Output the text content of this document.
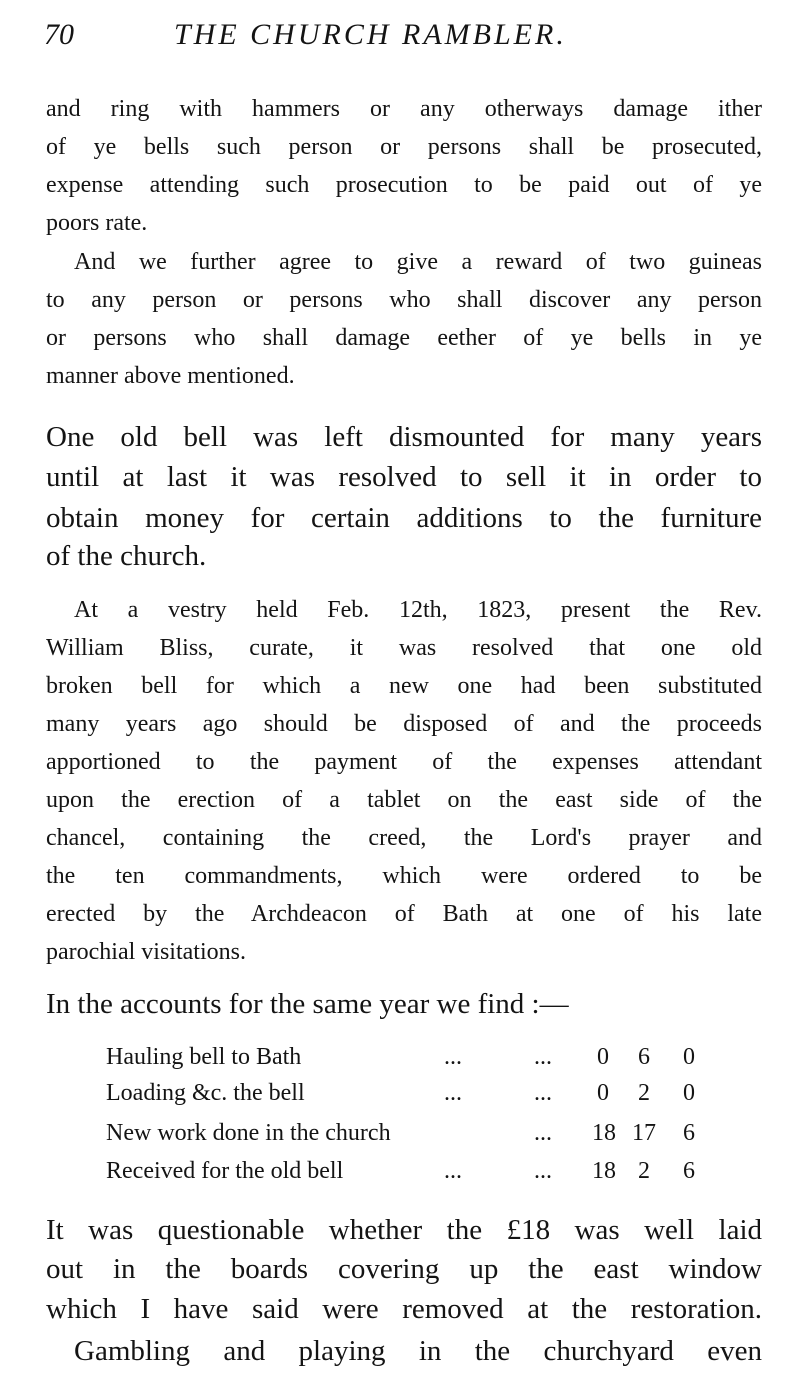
70	THE CHURCH RAMBLER.
and ring with hammers or any otherways damage ither
of ye bells such person or persons shall be prosecuted,
expense attending such prosecution to be paid out of ye
poors rate.
And we further agree to give a reward of two guineas
to any person or persons who shall discover any person
or persons who shall damage eether of ye bells in ye
manner above mentioned.
One old bell was left dismounted for many years
until at last it was resolved to sell it in order to
obtain money for certain additions to the furniture
of the church.
At a vestry held Feb. 12th, 1823, present the Rev.
William Bliss, curate, it was resolved that one old
broken bell for which a new one had been substituted
many years ago should be disposed of and the proceeds
apportioned to the payment of the expenses attendant
upon the erection of a tablet on the east side of the
chancel, containing the creed, the Lord's prayer and
the ten commandments, which were ordered to be
erected by the Archdeacon of Bath at one of his late
parochial visitations.
In the accounts for the same year we find :—
Hauling bell to Bath	...	... 0	6	0
Loading &c. the bell	...	... 0	2	0
New work done in the church	... 18 17 6
Received for the old bell	...	... 18 2	6
It was questionable whether the £18 was well laid
out in the boards covering up the east window
which I have said were removed at the restoration.
Gambling and playing in the churchyard even
